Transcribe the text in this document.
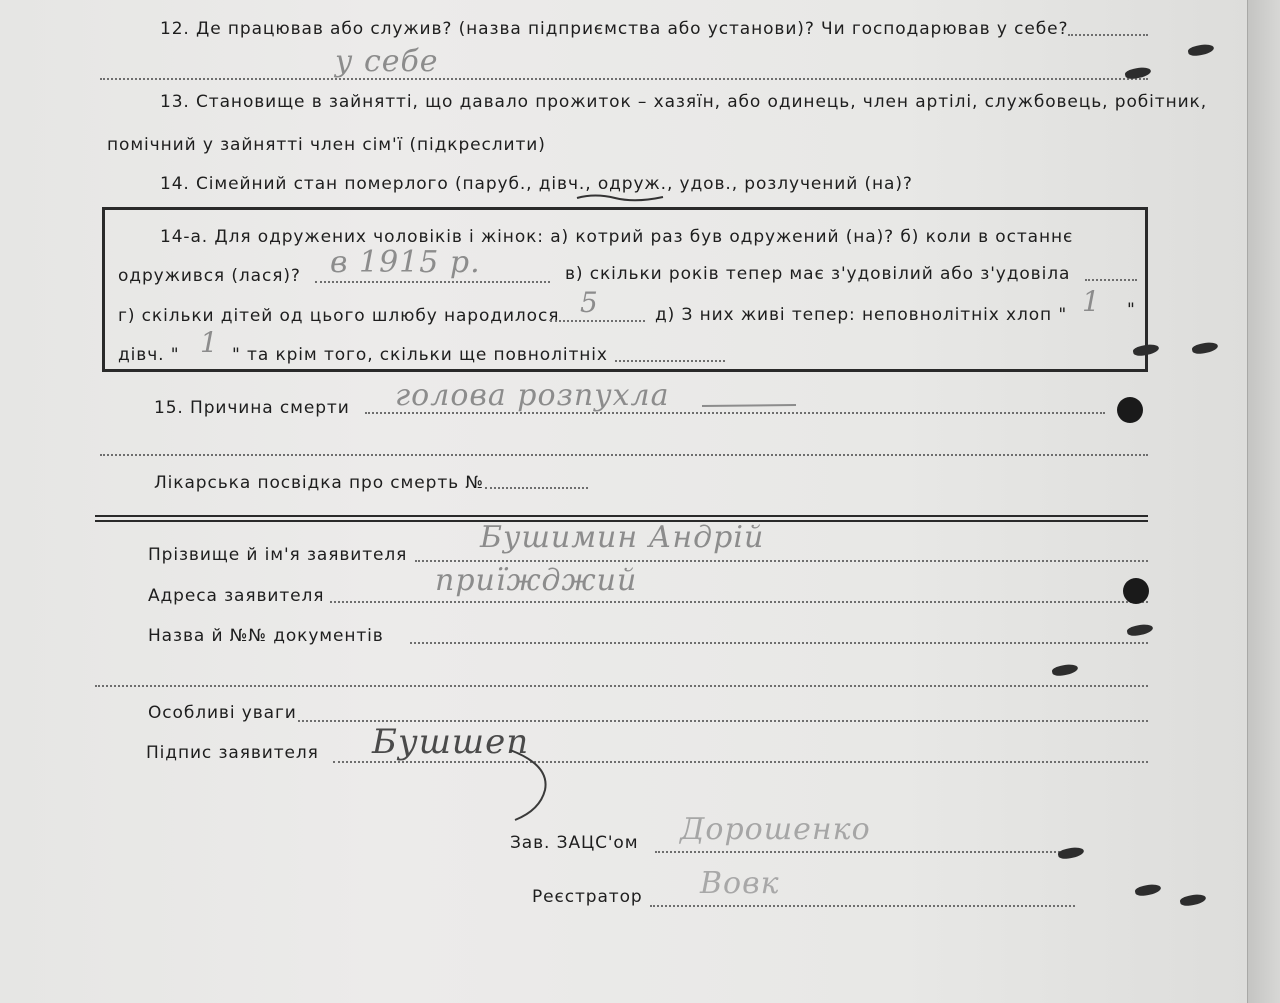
12. Де працював або служив? (назва підприємства або установи)? Чи господарював у себе?
у себе
13. Становище в зайнятті, що давало прожиток – хазяїн, або одинець, член артілі, службовець, робітник,
помічний у зайнятті член сім'ї (підкреслити)
14. Сімейний стан померлого (паруб., дівч., одруж., удов., розлучений (на)?
14-а. Для одружених чоловіків і жінок: а) котрий раз був одружений (на)? б) коли в останнє
одружився (лася)? в 1915 р.	в) скільки років тепер має з'удовілий або з'удовіла
г) скільки дітей од цього шлюбу народилося 5	д) З них живі тепер: неповнолітніх хлоп " 1 "
дівч. " 1 " та крім того, скільки ще повнолітніх
15. Причина смерти голова розпухла
Лікарська посвідка про смерть №
Прізвище й ім'я заявителя Бушимин Андрій
Адреса заявителя	приїжджий
Назва й №№ документів
Особливі уваги
Підпис заявителя Бушшеп
Зав. ЗАЦС'ом Дорошенко
Реєстратор Вовк
